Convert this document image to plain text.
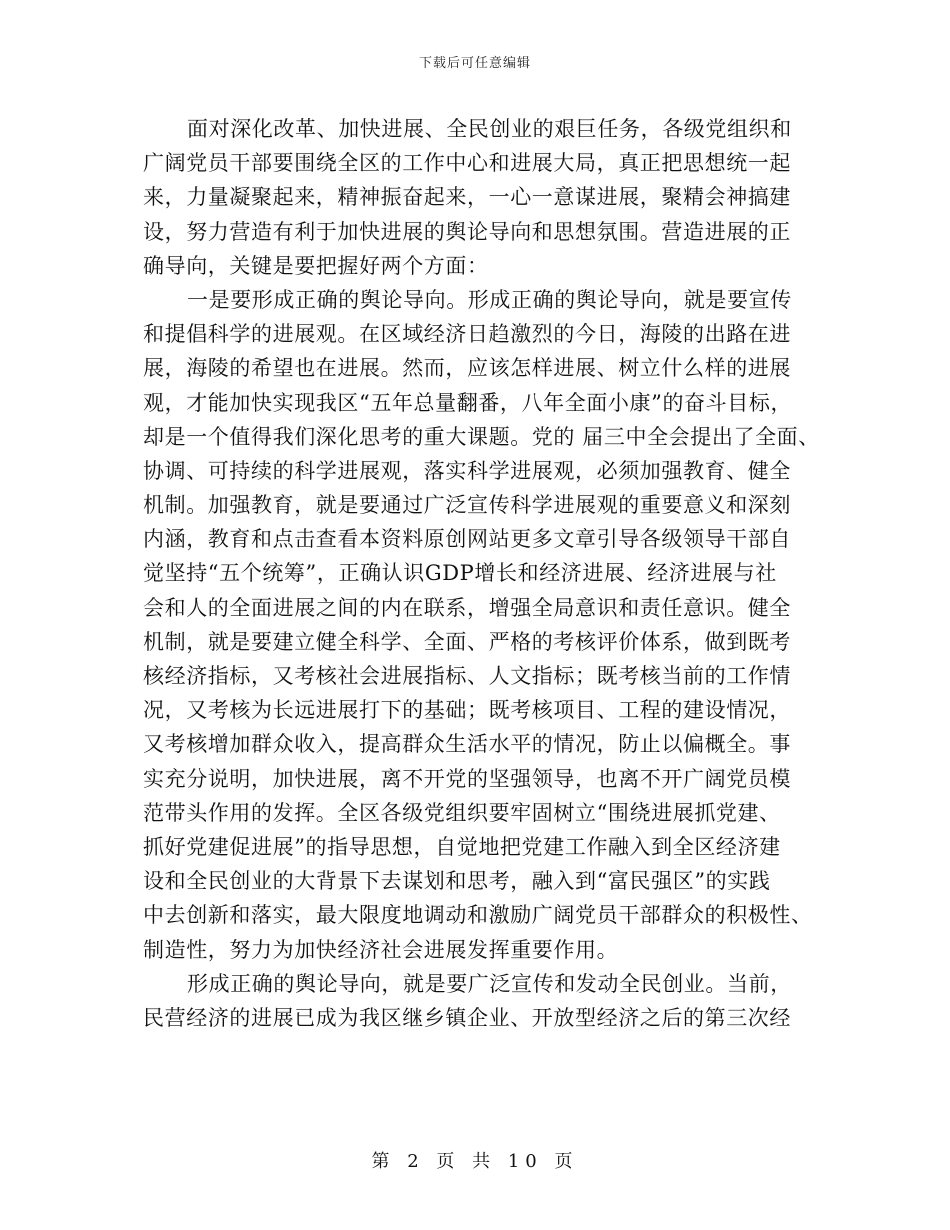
下载后可任意编辑
面对深化改革、加快进展、全民创业的艰巨任务，各级党组织和
广阔党员干部要围绕全区的工作中心和进展大局，真正把思想统一起
来，力量凝聚起来，精神振奋起来，一心一意谋进展，聚精会神搞建
设，努力营造有利于加快进展的舆论导向和思想氛围。营造进展的正
确导向，关键是要把握好两个方面：
一是要形成正确的舆论导向。形成正确的舆论导向，就是要宣传
和提倡科学的进展观。在区域经济日趋激烈的今日，海陵的出路在进
展，海陵的希望也在进展。然而，应该怎样进展、树立什么样的进展
观，才能加快实现我区“五年总量翻番，八年全面小康”的奋斗目标，
却是一个值得我们深化思考的重大课题。党的 届三中全会提出了全面、
协调、可持续的科学进展观，落实科学进展观，必须加强教育、健全
机制。加强教育，就是要通过广泛宣传科学进展观的重要意义和深刻
内涵，教育和点击查看本资料原创网站更多文章引导各级领导干部自
觉坚持“五个统筹”，正确认识GDP增长和经济进展、经济进展与社
会和人的全面进展之间的内在联系，增强全局意识和责任意识。健全
机制，就是要建立健全科学、全面、严格的考核评价体系，做到既考
核经济指标，又考核社会进展指标、人文指标；既考核当前的工作情
况，又考核为长远进展打下的基础；既考核项目、工程的建设情况，
又考核增加群众收入，提高群众生活水平的情况，防止以偏概全。事
实充分说明，加快进展，离不开党的坚强领导，也离不开广阔党员模
范带头作用的发挥。全区各级党组织要牢固树立“围绕进展抓党建、
抓好党建促进展”的指导思想，自觉地把党建工作融入到全区经济建
设和全民创业的大背景下去谋划和思考，融入到“富民强区”的实践
中去创新和落实，最大限度地调动和激励广阔党员干部群众的积极性、
制造性，努力为加快经济社会进展发挥重要作用。
形成正确的舆论导向，就是要广泛宣传和发动全民创业。当前，
民营经济的进展已成为我区继乡镇企业、开放型经济之后的第三次经
第 2 页 共 10 页
